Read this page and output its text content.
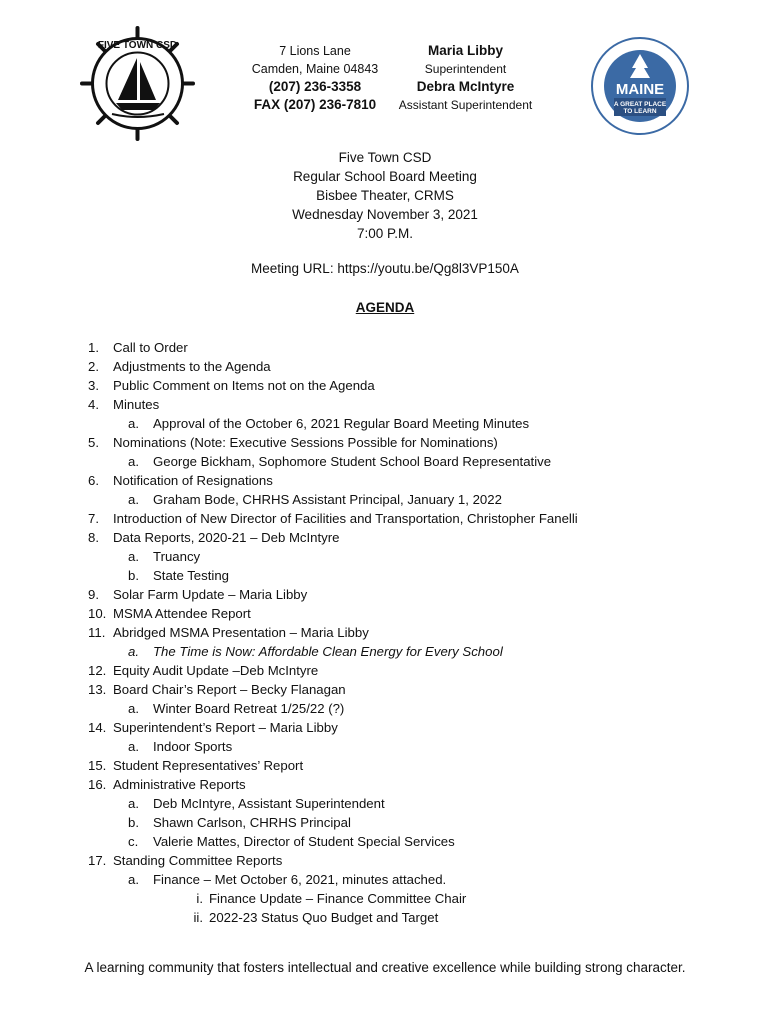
FIVE TOWN CSD	7 Lions Lane
Camden, Maine 04843
(207) 236-3358
FAX (207) 236-7810
Maria Libby
Superintendent
Debra McIntyre
Assistant Superintendent
MAINE
A GREAT PLACE
TO LEARN
Five Town CSD
Regular School Board Meeting
Bisbee Theater, CRMS
Wednesday November 3, 2021
7:00 P.M.
Meeting URL: https://youtu.be/Qg8l3VP150A
AGENDA
1. Call to Order
2. Adjustments to the Agenda
3. Public Comment on Items not on the Agenda
4. Minutes
a. Approval of the October 6, 2021 Regular Board Meeting Minutes
5. Nominations (Note: Executive Sessions Possible for Nominations)
a. George Bickham, Sophomore Student School Board Representative
6. Notification of Resignations
a. Graham Bode, CHRHS Assistant Principal, January 1, 2022
7. Introduction of New Director of Facilities and Transportation, Christopher Fanelli
8. Data Reports, 2020-21 – Deb McIntyre
a. Truancy
b. State Testing
9. Solar Farm Update – Maria Libby
10. MSMA Attendee Report
11. Abridged MSMA Presentation – Maria Libby
a. The Time is Now: Affordable Clean Energy for Every School
12. Equity Audit Update –Deb McIntyre
13. Board Chair’s Report – Becky Flanagan
a. Winter Board Retreat 1/25/22 (?)
14. Superintendent’s Report – Maria Libby
a. Indoor Sports
15. Student Representatives’ Report
16. Administrative Reports
a. Deb McIntyre, Assistant Superintendent
b. Shawn Carlson, CHRHS Principal
c. Valerie Mattes, Director of Student Special Services
17. Standing Committee Reports
a. Finance – Met October 6, 2021, minutes attached.
i. Finance Update – Finance Committee Chair
ii. 2022-23 Status Quo Budget and Target
A learning community that fosters intellectual and creative excellence while building strong character.
